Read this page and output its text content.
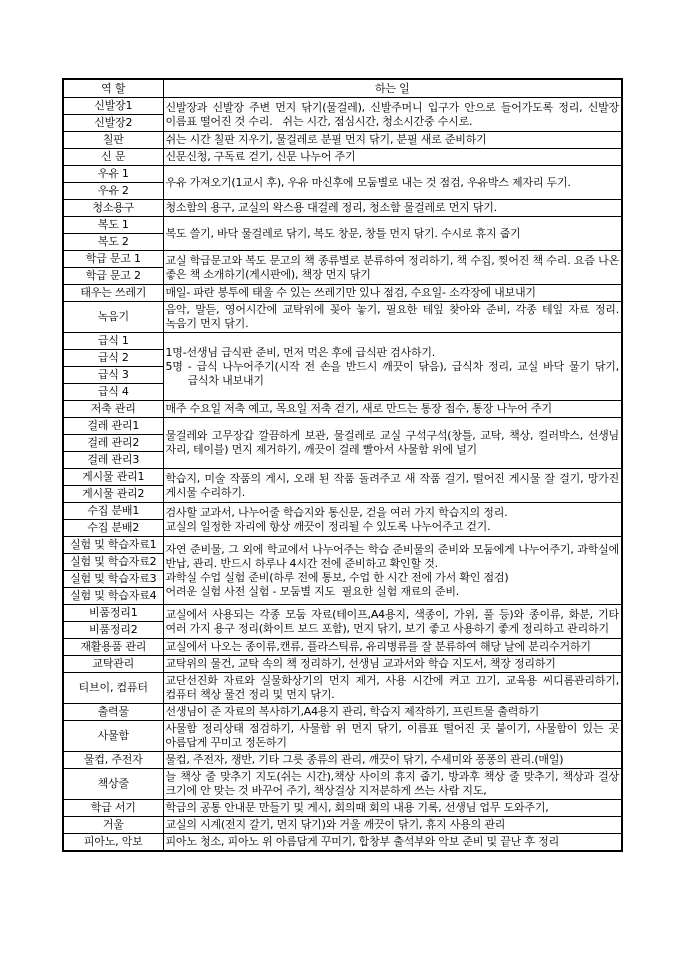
역 할	하는 일
신발장1	신발장과 신발장 주변 먼지 닦기(물걸레), 신발주머니 입구가 안으로 들어가도록 정리, 신발장 이름표 떨어진 것 수리.   쉬는 시간, 점심시간, 청소시간중 수시로.

신발장2	
칠판	쉬는 시간 칠판 지우기, 물걸레로 분필 먼지 닦기, 분필 새로 준비하기

신 문	신문신청, 구독료 걷기, 신문 나누어 주기

우유 1	우유 가져오기(1교시 후), 우유 마신후에 모둠별로 내는 것 점검, 우유박스 제자리 두기.

우유 2	
청소용구	청소함의 용구, 교실의 왁스용 대걸레 정리, 청소함 물걸레로 먼지 닦기.

복도 1	복도 쓸기, 바닥 물걸레로 닦기, 복도 창문, 창틀 먼지 닦기. 수시로 휴지 줍기

복도 2	
학급 문고 1	교실 학급문고와 복도 문고의 책 종류별로 분류하여 정리하기, 책 수집, 찢어진 책 수리. 요즘 나온 좋은 책 소개하기(게시판에), 책장 먼지 닦기

학급 문고 2	
태우는 쓰레기	매일- 파란 봉투에 태울 수 있는 쓰레기만 있나 점검, 수요일- 소각장에 내보내기

녹음기	음악, 말듣, 영어시간에 교탁위에 꽂아 놓기, 필요한 테잎 찾아와 준비, 각종 테잎 자료 정리. 녹음기 먼지 닦기.

급식 1	1명-선생님 급식판 준비, 먼저 먹은 후에 급식판 검사하기.
5명 - 급식 나누어주기(시작 전 손을 반드시 깨끗이 닦음), 급식차 정리, 교실 바닥 물기 닦기, 급식차 내보내기

급식 2	
급식 3	
급식 4	
저축 관리	매주 수요일 저축 예고, 목요일 저축 걷기, 새로 만드는 통장 접수, 통장 나누어 주기

걸레 관리1	물걸레와 고무장갑 깔끔하게 보관, 물걸레로 교실 구석구석(창틀, 교탁, 책상, 컬러박스, 선생님 자리, 테이블) 먼지 제거하기, 깨끗이 걸레 빨아서 사물함 위에 널기

걸레 관리2	
걸레 관리3	
게시물 관리1	학습지, 미술 작품의 게시, 오래 된 작품 돌려주고 새 작품 걸기, 떨어진 게시물 잘 걸기, 망가진 게시물 수리하기.

게시물 관리2	
수집 분배1	검사할 교과서, 나누어줄 학습지와 통신문, 걷을 여러 가지 학습지의 정리.
교실의 일정한 자리에 항상 깨끗이 정리될 수 있도록 나누어주고 걷기.

수집 분배2	
실험 및 학습자료1	자연 준비물, 그 외에 학교에서 나누어주는 학습 준비물의 준비와 모둠에게 나누어주기, 과학실에 반납, 관리. 반드시 하루나 4시간 전에 준비하고 확인할 것.
과학실 수업 실험 준비(하루 전에 통보, 수업 한 시간 전에 가서 확인 점검)
어려운 실험 사전 실험 - 모둠별 지도  필요한 실험 재료의 준비.

실험 및 학습자료2	
실험 및 학습자료3	
실험 및 학습자료4	
비품정리1	교실에서 사용되는 각종 모둠 자료(테이프,A4용지, 색종이, 가위, 풀 등)와 종이류, 화분, 기타 여러 가지 용구 정리(화이트 보드 포함), 먼지 닦기, 보기 좋고 사용하기 좋게 정리하고 관리하기

비품정리2	
재활용품 관리	교실에서 나오는 종이류,캔류, 플라스틱류, 유리병류를 잘 분류하여 해당 날에 분리수거하기

교탁관리	교탁위의 물건, 교탁 속의 책 정리하기, 선생님 교과서와 학습 지도서, 책장 정리하기

티브이, 컴퓨터	교단선진화 자료와 실물화상기의 먼지 제거, 사용 시간에 켜고 끄기, 교육용 씨디롬관리하기, 컴퓨터 책상 물건 정리 및 먼지 닦기.

출력물	선생님이 준 자료의 복사하기,A4용지 관리, 학습지 제작하기, 프린트물 출력하기

사물함	사물함 정리상태 점검하기, 사물함 위 먼지 닦기, 이름표 떨어진 곳 붙이기, 사물함이 있는 곳 아름답게 꾸미고 정돈하기

물컵, 주전자	물컵, 주전자, 쟁반, 기타 그릇 종류의 관리, 깨끗이 닦기, 수세미와 퐁퐁의 관리.(매일)

책상줄	늘 책상 줄 맞추기 지도(쉬는 시간),책상 사이의 휴지 줍기, 방과후 책상 줄 맞추기, 책상과 걸상 크기에 안 맞는 것 바꾸어 주기, 책상걸상 지저분하게 쓰는 사람 지도,

학급 서기	학급의 공통 안내문 만들기 및 게시, 회의때 회의 내용 기록, 선생님 업무 도와주기,

거울	교실의 시계(전지 갈기, 먼지 닦기)와 거울 깨끗이 닦기, 휴지 사용의 관리

피아노, 악보	피아노 청소, 피아노 위 아름답게 꾸미기, 합창부 출석부와 악보 준비 및 끝난 후 정리
